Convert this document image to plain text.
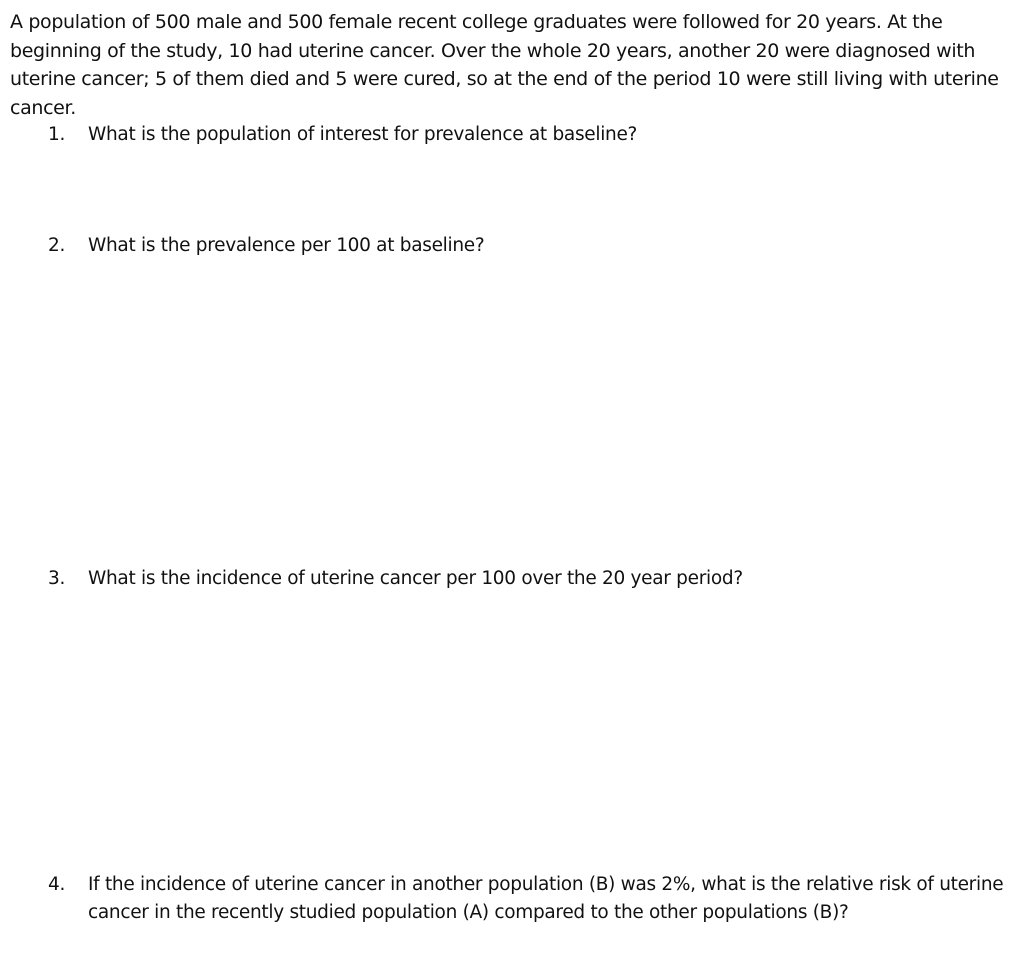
A population of 500 male and 500 female recent college graduates were followed for 20 years. At the beginning of the study, 10 had uterine cancer. Over the whole 20 years, another 20 were diagnosed with uterine cancer; 5 of them died and 5 were cured, so at the end of the period 10 were still living with uterine cancer.

1.	What is the population of interest for prevalence at baseline?
2.	What is the prevalence per 100 at baseline?
3.	What is the incidence of uterine cancer per 100 over the 20 year period?
4.	If the incidence of uterine cancer in another population (B) was 2%, what is the relative risk of uterine cancer in the recently studied population (A) compared to the other populations (B)?
